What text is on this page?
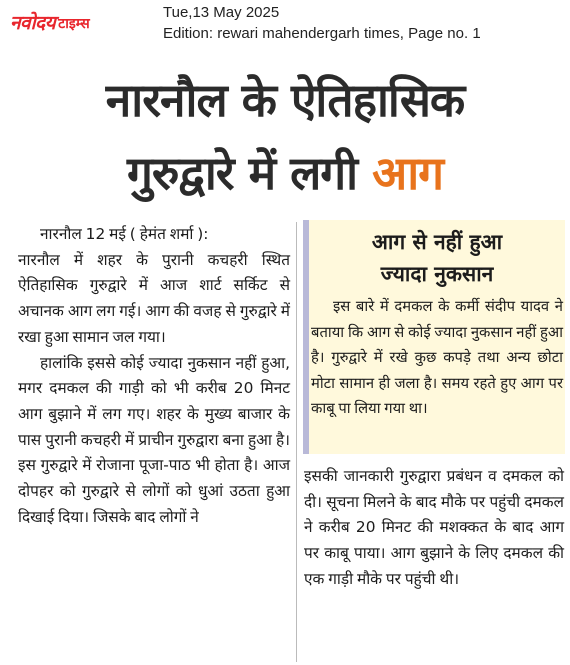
नवोदय टाइम्स
Tue,13 May 2025
Edition: rewari mahendergarh times, Page no. 1
नारनौल के ऐतिहासिक
गुरुद्वारे में लगी आग

नारनौल 12 मई ( हेमंत शर्मा ):

नारनौल में शहर के पुरानी कचहरी स्थित ऐतिहासिक गुरुद्वारे में आज शार्ट सर्किट से अचानक आग लग गई। आग की वजह से गुरुद्वारे में रखा हुआ सामान जल गया।

हालांकि इससे कोई ज्यादा नुकसान नहीं हुआ, मगर दमकल की गाड़ी को भी करीब 20 मिनट आग बुझाने में लग गए। शहर के मुख्य बाजार के पास पुरानी कचहरी में प्राचीन गुरुद्वारा बना हुआ है। इस गुरुद्वारे में रोजाना पूजा-पाठ भी होता है। आज दोपहर को गुरुद्वारे से लोगों को धुआं उठता हुआ दिखाई दिया। जिसके बाद लोगों ने

आग से नहीं हुआ
ज्यादा नुकसान

इस बारे में दमकल के कर्मी संदीप यादव ने बताया कि आग से कोई ज्यादा नुकसान नहीं हुआ है। गुरुद्वारे में रखे कुछ कपड़े तथा अन्य छोटा मोटा सामान ही जला है। समय रहते हुए आग पर काबू पा लिया गया था।

इसकी जानकारी गुरुद्वारा प्रबंधन व दमकल को दी। सूचना मिलने के बाद मौके पर पहुंची दमकल ने करीब 20 मिनट की मशक्कत के बाद आग पर काबू पाया। आग बुझाने के लिए दमकल की एक गाड़ी मौके पर पहुंची थी।
